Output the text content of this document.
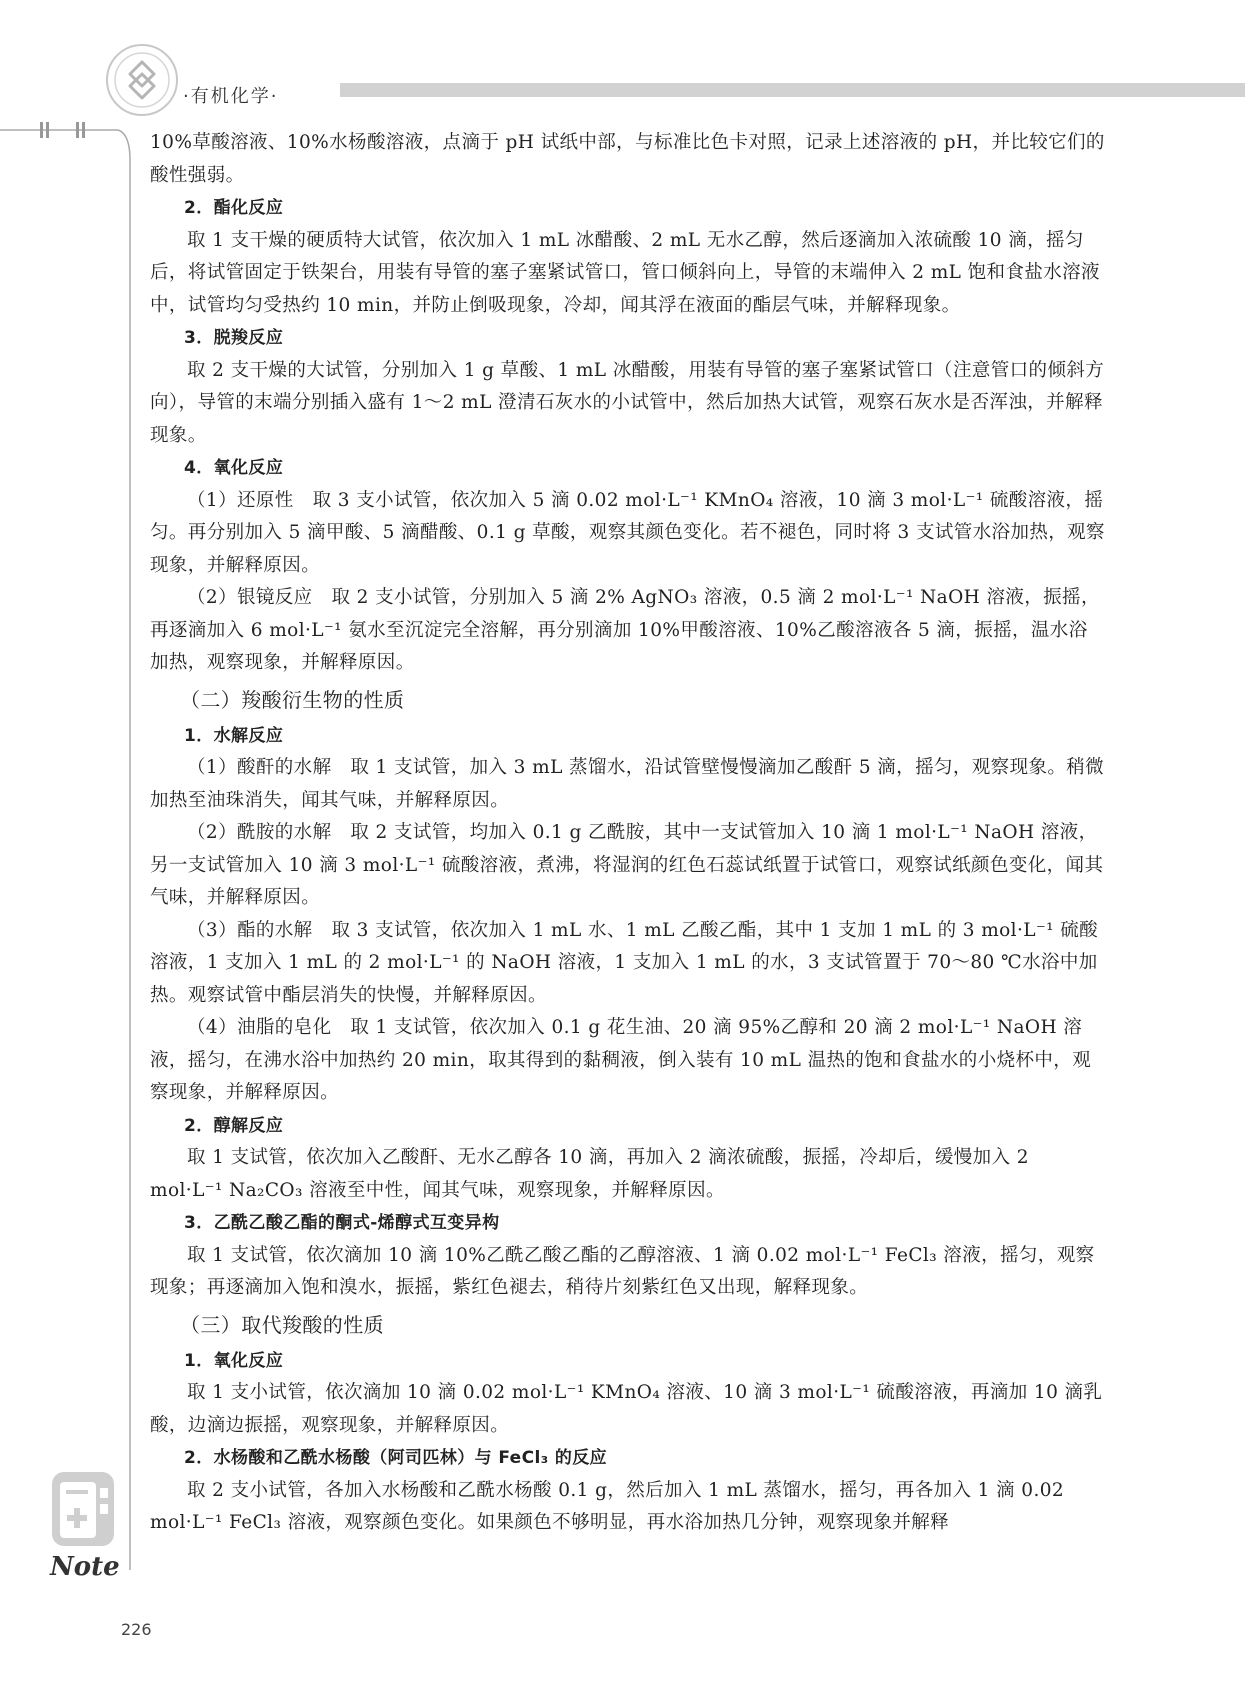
·有机化学·

10%草酸溶液、10%水杨酸溶液，点滴于 pH 试纸中部，与标准比色卡对照，记录上述溶液的 pH，并比较它们的酸性强弱。

2．酯化反应

取 1 支干燥的硬质特大试管，依次加入 1 mL 冰醋酸、2 mL 无水乙醇，然后逐滴加入浓硫酸 10 滴，摇匀后，将试管固定于铁架台，用装有导管的塞子塞紧试管口，管口倾斜向上，导管的末端伸入 2 mL 饱和食盐水溶液中，试管均匀受热约 10 min，并防止倒吸现象，冷却，闻其浮在液面的酯层气味，并解释现象。

3．脱羧反应

取 2 支干燥的大试管，分别加入 1 g 草酸、1 mL 冰醋酸，用装有导管的塞子塞紧试管口（注意管口的倾斜方向），导管的末端分别插入盛有 1～2 mL 澄清石灰水的小试管中，然后加热大试管，观察石灰水是否浑浊，并解释现象。

4．氧化反应

（1）还原性　取 3 支小试管，依次加入 5 滴 0.02 mol·L⁻¹ KMnO₄ 溶液，10 滴 3 mol·L⁻¹ 硫酸溶液，摇匀。再分别加入 5 滴甲酸、5 滴醋酸、0.1 g 草酸，观察其颜色变化。若不褪色，同时将 3 支试管水浴加热，观察现象，并解释原因。

（2）银镜反应　取 2 支小试管，分别加入 5 滴 2% AgNO₃ 溶液，0.5 滴 2 mol·L⁻¹ NaOH 溶液，振摇，再逐滴加入 6 mol·L⁻¹ 氨水至沉淀完全溶解，再分别滴加 10%甲酸溶液、10%乙酸溶液各 5 滴，振摇，温水浴加热，观察现象，并解释原因。

（二）羧酸衍生物的性质

1．水解反应

（1）酸酐的水解　取 1 支试管，加入 3 mL 蒸馏水，沿试管壁慢慢滴加乙酸酐 5 滴，摇匀，观察现象。稍微加热至油珠消失，闻其气味，并解释原因。

（2）酰胺的水解　取 2 支试管，均加入 0.1 g 乙酰胺，其中一支试管加入 10 滴 1 mol·L⁻¹ NaOH 溶液，另一支试管加入 10 滴 3 mol·L⁻¹ 硫酸溶液，煮沸，将湿润的红色石蕊试纸置于试管口，观察试纸颜色变化，闻其气味，并解释原因。

（3）酯的水解　取 3 支试管，依次加入 1 mL 水、1 mL 乙酸乙酯，其中 1 支加 1 mL 的 3 mol·L⁻¹ 硫酸溶液，1 支加入 1 mL 的 2 mol·L⁻¹ 的 NaOH 溶液，1 支加入 1 mL 的水，3 支试管置于 70～80 ℃水浴中加热。观察试管中酯层消失的快慢，并解释原因。

（4）油脂的皂化　取 1 支试管，依次加入 0.1 g 花生油、20 滴 95%乙醇和 20 滴 2 mol·L⁻¹ NaOH 溶液，摇匀，在沸水浴中加热约 20 min，取其得到的黏稠液，倒入装有 10 mL 温热的饱和食盐水的小烧杯中，观察现象，并解释原因。

2．醇解反应

取 1 支试管，依次加入乙酸酐、无水乙醇各 10 滴，再加入 2 滴浓硫酸，振摇，冷却后，缓慢加入 2 mol·L⁻¹ Na₂CO₃ 溶液至中性，闻其气味，观察现象，并解释原因。

3．乙酰乙酸乙酯的酮式-烯醇式互变异构

取 1 支试管，依次滴加 10 滴 10%乙酰乙酸乙酯的乙醇溶液、1 滴 0.02 mol·L⁻¹ FeCl₃ 溶液，摇匀，观察现象；再逐滴加入饱和溴水，振摇，紫红色褪去，稍待片刻紫红色又出现，解释现象。

（三）取代羧酸的性质

1．氧化反应

取 1 支小试管，依次滴加 10 滴 0.02 mol·L⁻¹ KMnO₄ 溶液、10 滴 3 mol·L⁻¹ 硫酸溶液，再滴加 10 滴乳酸，边滴边振摇，观察现象，并解释原因。

2．水杨酸和乙酰水杨酸（阿司匹林）与 FeCl₃ 的反应

取 2 支小试管，各加入水杨酸和乙酰水杨酸 0.1 g，然后加入 1 mL 蒸馏水，摇匀，再各加入 1 滴 0.02 mol·L⁻¹ FeCl₃ 溶液，观察颜色变化。如果颜色不够明显，再水浴加热几分钟，观察现象并解释

Note
226
